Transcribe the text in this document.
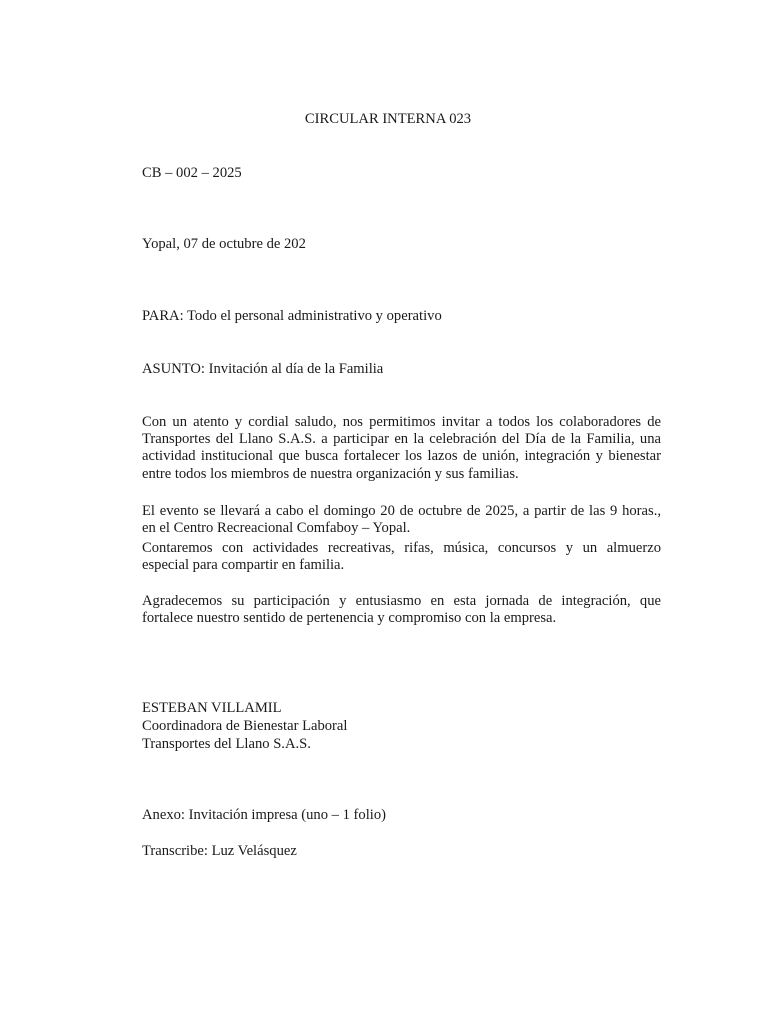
CIRCULAR INTERNA 023
CB – 002 – 2025
Yopal, 07 de octubre de 202
PARA: Todo el personal administrativo y operativo
ASUNTO: Invitación al día de la Familia
Con un atento y cordial saludo, nos permitimos invitar a todos los colaboradores de
Transportes del Llano S.A.S. a participar en la celebración del Día de la Familia, una
actividad institucional que busca fortalecer los lazos de unión, integración y bienestar
entre todos los miembros de nuestra organización y sus familias.
El evento se llevará a cabo el domingo 20 de octubre de 2025, a partir de las 9 horas.,
en el Centro Recreacional Comfaboy – Yopal.
Contaremos con actividades recreativas, rifas, música, concursos y un almuerzo
especial para compartir en familia.
Agradecemos su participación y entusiasmo en esta jornada de integración, que
fortalece nuestro sentido de pertenencia y compromiso con la empresa.
ESTEBAN VILLAMIL
Coordinadora de Bienestar Laboral
Transportes del Llano S.A.S.
Anexo: Invitación impresa (uno – 1 folio)
Transcribe: Luz Velásquez
